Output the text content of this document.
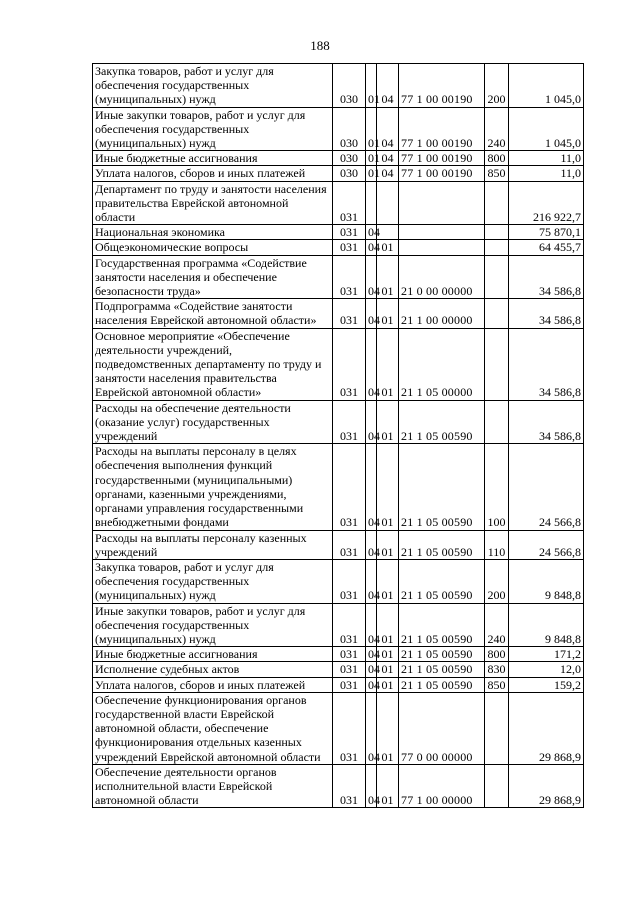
188
Закупка товаров, работ и услуг для обеспечения государственных (муниципальных) нужд	030	01	04	77 1 00 00190	200	1 045,0
Иные закупки товаров, работ и услуг для обеспечения государственных (муниципальных) нужд	030	01	04	77 1 00 00190	240	1 045,0
Иные бюджетные ассигнования	030	01	04	77 1 00 00190	800	11,0
Уплата налогов, сборов и иных платежей	030	01	04	77 1 00 00190	850	11,0
Департамент по труду и занятости населения правительства Еврейской автономной области	031					216 922,7
Национальная экономика	031	04				75 870,1
Общеэкономические вопросы	031	04	01			64 455,7
Государственная программа «Содействие занятости населения и обеспечение безопасности труда»	031	04	01	21 0 00 00000		34 586,8
Подпрограмма «Содействие занятости населения Еврейской автономной области»	031	04	01	21 1 00 00000		34 586,8
Основное мероприятие «Обеспечение деятельности учреждений, подведомственных департаменту по труду и занятости населения правительства Еврейской автономной области»	031	04	01	21 1 05 00000		34 586,8
Расходы на обеспечение деятельности (оказание услуг) государственных учреждений	031	04	01	21 1 05 00590		34 586,8
Расходы на выплаты персоналу в целях обеспечения выполнения функций государственными (муниципальными) органами, казенными учреждениями, органами управления государственными внебюджетными фондами	031	04	01	21 1 05 00590	100	24 566,8
Расходы на выплаты персоналу казенных учреждений	031	04	01	21 1 05 00590	110	24 566,8
Закупка товаров, работ и услуг для обеспечения государственных (муниципальных) нужд	031	04	01	21 1 05 00590	200	9 848,8
Иные закупки товаров, работ и услуг для обеспечения государственных (муниципальных) нужд	031	04	01	21 1 05 00590	240	9 848,8
Иные бюджетные ассигнования	031	04	01	21 1 05 00590	800	171,2
Исполнение судебных актов	031	04	01	21 1 05 00590	830	12,0
Уплата налогов, сборов и иных платежей	031	04	01	21 1 05 00590	850	159,2
Обеспечение функционирования органов государственной власти Еврейской автономной области, обеспечение функционирования отдельных казенных учреждений Еврейской автономной области	031	04	01	77 0 00 00000		29 868,9
Обеспечение деятельности органов исполнительной власти Еврейской автономной области	031	04	01	77 1 00 00000		29 868,9
